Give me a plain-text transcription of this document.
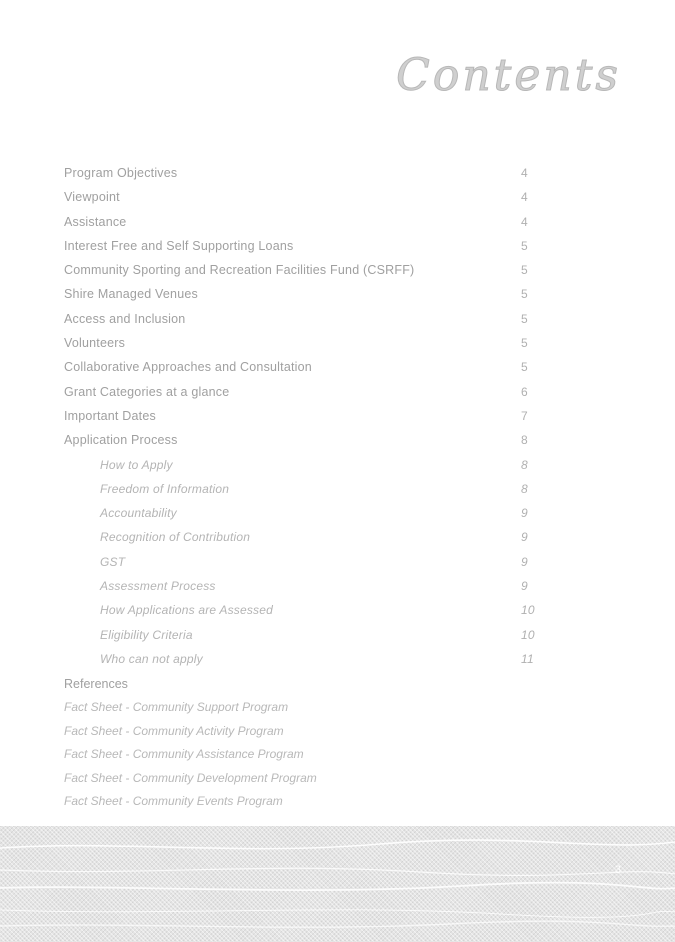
Contents
Program Objectives	4
Viewpoint	4
Assistance	4
Interest Free and Self Supporting Loans	5
Community Sporting and Recreation Facilities Fund (CSRFF)	5
Shire Managed Venues	5
Access and Inclusion	5
Volunteers	5
Collaborative Approaches and Consultation	5
Grant Categories at a glance	6
Important Dates	7
Application Process	8
How to Apply	8
Freedom of Information	8
Accountability	9
Recognition of Contribution	9
GST	9
Assessment Process	9
How Applications are Assessed	10
Eligibility Criteria	10
Who can not apply	11
References
Fact Sheet - Community Support Program
Fact Sheet - Community Activity Program
Fact Sheet - Community Assistance Program
Fact Sheet - Community Development Program
Fact Sheet - Community Events Program
3
